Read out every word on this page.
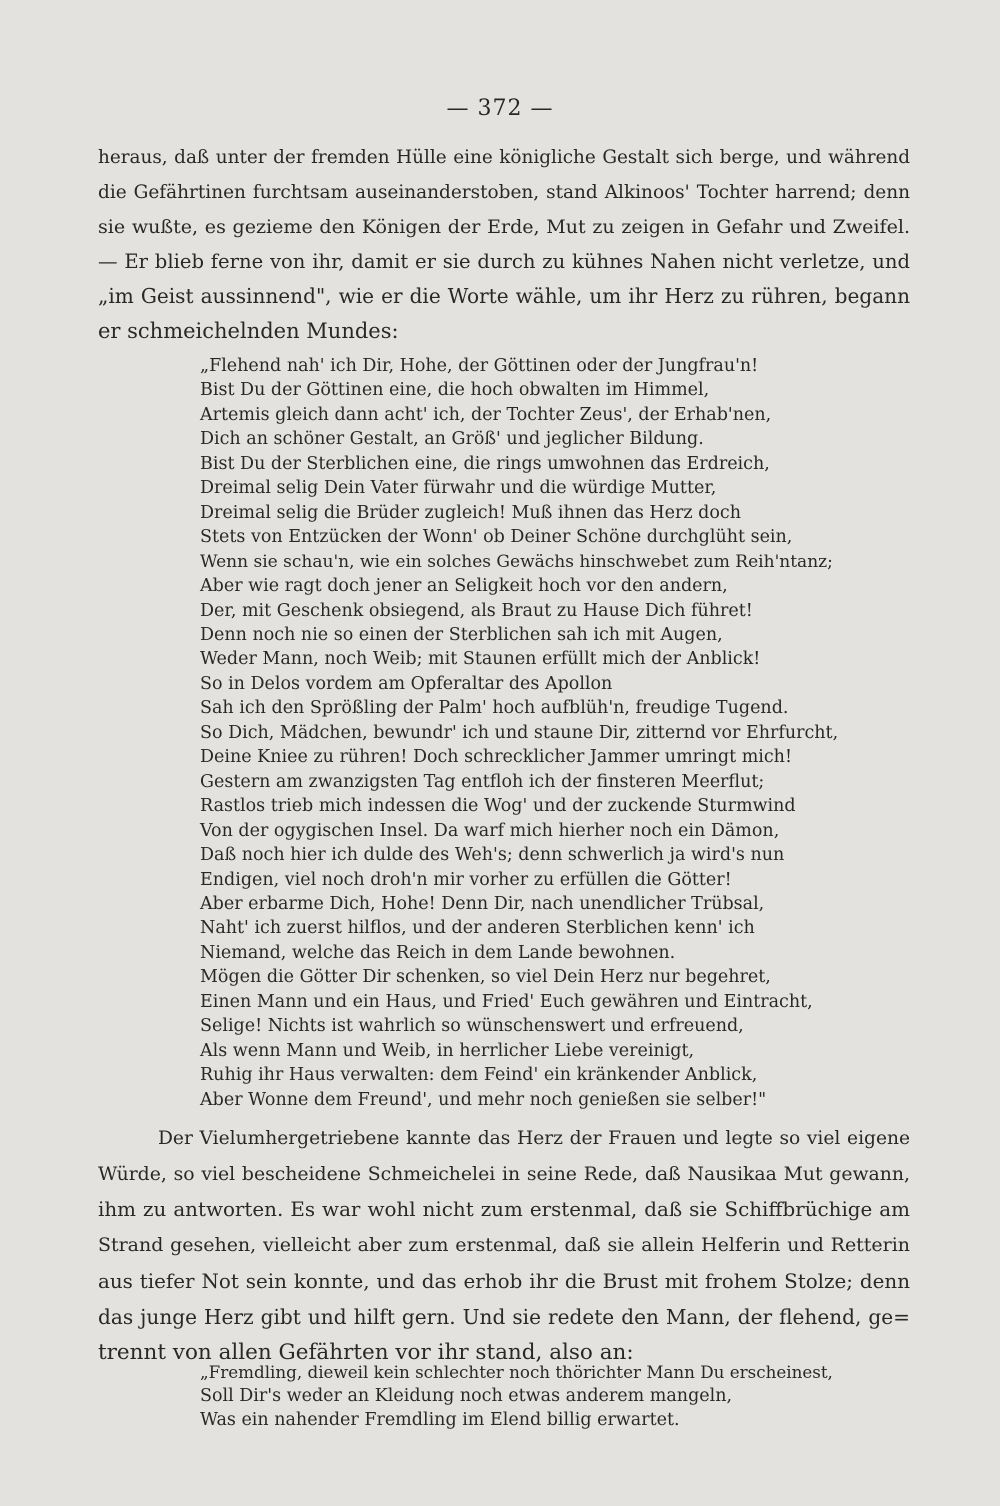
— 372 —
heraus, daß unter der fremden Hülle eine königliche Gestalt sich berge, und während
die Gefährtinen furchtsam auseinanderstoben, stand Alkinoos' Tochter harrend; denn
sie wußte, es gezieme den Königen der Erde, Mut zu zeigen in Gefahr und Zweifel.
— Er blieb ferne von ihr, damit er sie durch zu kühnes Nahen nicht verletze, und
„im Geist aussinnend", wie er die Worte wähle, um ihr Herz zu rühren, begann
er schmeichelnden Mundes:
„Flehend nah' ich Dir, Hohe, der Göttinen oder der Jungfrau'n!
Bist Du der Göttinen eine, die hoch obwalten im Himmel,
Artemis gleich dann acht' ich, der Tochter Zeus', der Erhab'nen,
Dich an schöner Gestalt, an Größ' und jeglicher Bildung.
Bist Du der Sterblichen eine, die rings umwohnen das Erdreich,
Dreimal selig Dein Vater fürwahr und die würdige Mutter,
Dreimal selig die Brüder zugleich! Muß ihnen das Herz doch
Stets von Entzücken der Wonn' ob Deiner Schöne durchglüht sein,
Wenn sie schau'n, wie ein solches Gewächs hinschwebet zum Reih'ntanz;
Aber wie ragt doch jener an Seligkeit hoch vor den andern,
Der, mit Geschenk obsiegend, als Braut zu Hause Dich führet!
Denn noch nie so einen der Sterblichen sah ich mit Augen,
Weder Mann, noch Weib; mit Staunen erfüllt mich der Anblick!
So in Delos vordem am Opferaltar des Apollon
Sah ich den Sprößling der Palm' hoch aufblüh'n, freudige Tugend.
So Dich, Mädchen, bewundr' ich und staune Dir, zitternd vor Ehrfurcht,
Deine Kniee zu rühren! Doch schrecklicher Jammer umringt mich!
Gestern am zwanzigsten Tag entfloh ich der finsteren Meerflut;
Rastlos trieb mich indessen die Wog' und der zuckende Sturmwind
Von der ogygischen Insel. Da warf mich hierher noch ein Dämon,
Daß noch hier ich dulde des Weh's; denn schwerlich ja wird's nun
Endigen, viel noch droh'n mir vorher zu erfüllen die Götter!
Aber erbarme Dich, Hohe! Denn Dir, nach unendlicher Trübsal,
Naht' ich zuerst hilflos, und der anderen Sterblichen kenn' ich
Niemand, welche das Reich in dem Lande bewohnen.
Mögen die Götter Dir schenken, so viel Dein Herz nur begehret,
Einen Mann und ein Haus, und Fried' Euch gewähren und Eintracht,
Selige! Nichts ist wahrlich so wünschenswert und erfreuend,
Als wenn Mann und Weib, in herrlicher Liebe vereinigt,
Ruhig ihr Haus verwalten: dem Feind' ein kränkender Anblick,
Aber Wonne dem Freund', und mehr noch genießen sie selber!"
Der Vielumhergetriebene kannte das Herz der Frauen und legte so viel eigene
Würde, so viel bescheidene Schmeichelei in seine Rede, daß Nausikaa Mut gewann,
ihm zu antworten. Es war wohl nicht zum erstenmal, daß sie Schiffbrüchige am
Strand gesehen, vielleicht aber zum erstenmal, daß sie allein Helferin und Retterin
aus tiefer Not sein konnte, und das erhob ihr die Brust mit frohem Stolze; denn
das junge Herz gibt und hilft gern. Und sie redete den Mann, der flehend, ge=
trennt von allen Gefährten vor ihr stand, also an:
„Fremdling, dieweil kein schlechter noch thörichter Mann Du erscheinest,
Soll Dir's weder an Kleidung noch etwas anderem mangeln,
Was ein nahender Fremdling im Elend billig erwartet.
